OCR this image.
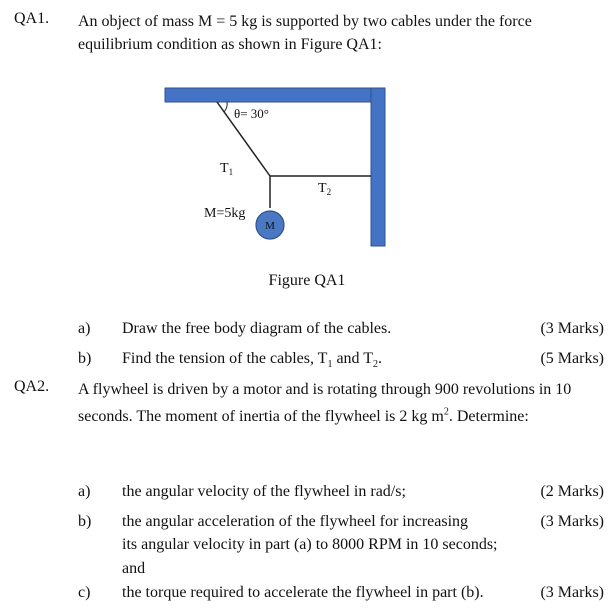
QA1. An object of mass M = 5 kg is supported by two cables under the force
equilibrium condition as shown in Figure QA1:
θ= 30°
$T_1$
$T_2$
M=5kg
M
Figure QA1
a) Draw the free body diagram of the cables.	(3 Marks)
b) Find the tension of the cables, $T_1$ and $T_2$.	(5 Marks)
QA2. A flywheel is driven by a motor and is rotating through 900 revolutions in 10
seconds. The moment of inertia of the flywheel is 2 kg $m^2$. Determine:
a) the angular velocity of the flywheel in rad/s;	(2 Marks)
b) the angular acceleration of the flywheel for increasing	(3 Marks)
its angular velocity in part (a) to 8000 RPM in 10 seconds;
and
c) the torque required to accelerate the flywheel in part (b).	(3 Marks)
